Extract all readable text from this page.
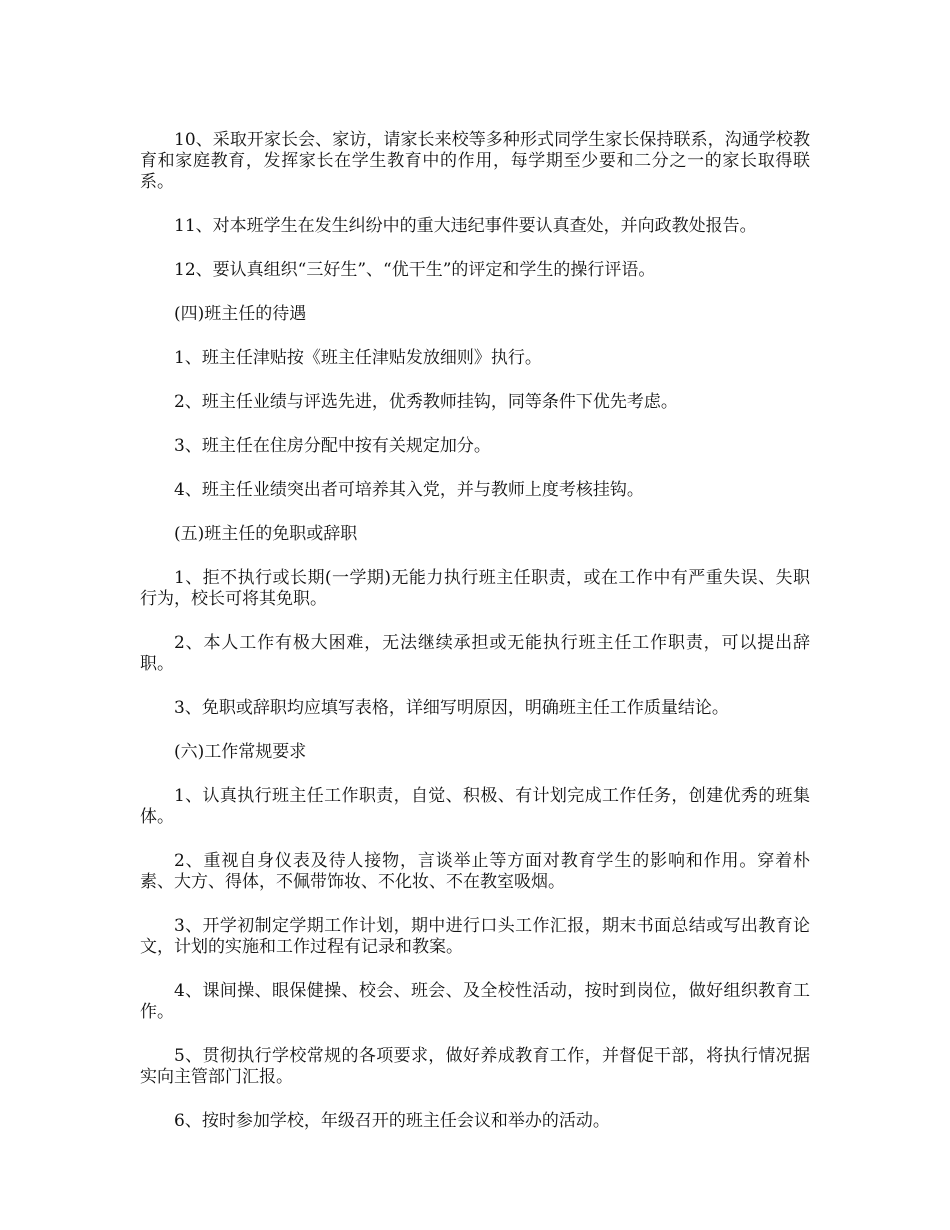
10、采取开家长会、家访，请家长来校等多种形式同学生家长保持联系，沟通学校教育和家庭教育，发挥家长在学生教育中的作用，每学期至少要和二分之一的家长取得联系。

11、对本班学生在发生纠纷中的重大违纪事件要认真查处，并向政教处报告。

12、要认真组织“三好生”、“优干生”的评定和学生的操行评语。

(四)班主任的待遇

1、班主任津贴按《班主任津贴发放细则》执行。

2、班主任业绩与评选先进，优秀教师挂钩，同等条件下优先考虑。

3、班主任在住房分配中按有关规定加分。

4、班主任业绩突出者可培养其入党，并与教师上度考核挂钩。

(五)班主任的免职或辞职

1、拒不执行或长期(一学期)无能力执行班主任职责，或在工作中有严重失误、失职行为，校长可将其免职。

2、本人工作有极大困难，无法继续承担或无能执行班主任工作职责，可以提出辞职。

3、免职或辞职均应填写表格，详细写明原因，明确班主任工作质量结论。

(六)工作常规要求

1、认真执行班主任工作职责，自觉、积极、有计划完成工作任务，创建优秀的班集体。

2、重视自身仪表及待人接物，言谈举止等方面对教育学生的影响和作用。穿着朴素、大方、得体，不佩带饰妆、不化妆、不在教室吸烟。

3、开学初制定学期工作计划，期中进行口头工作汇报，期末书面总结或写出教育论文，计划的实施和工作过程有记录和教案。

4、课间操、眼保健操、校会、班会、及全校性活动，按时到岗位，做好组织教育工作。

5、贯彻执行学校常规的各项要求，做好养成教育工作，并督促干部，将执行情况据实向主管部门汇报。

6、按时参加学校，年级召开的班主任会议和举办的活动。
